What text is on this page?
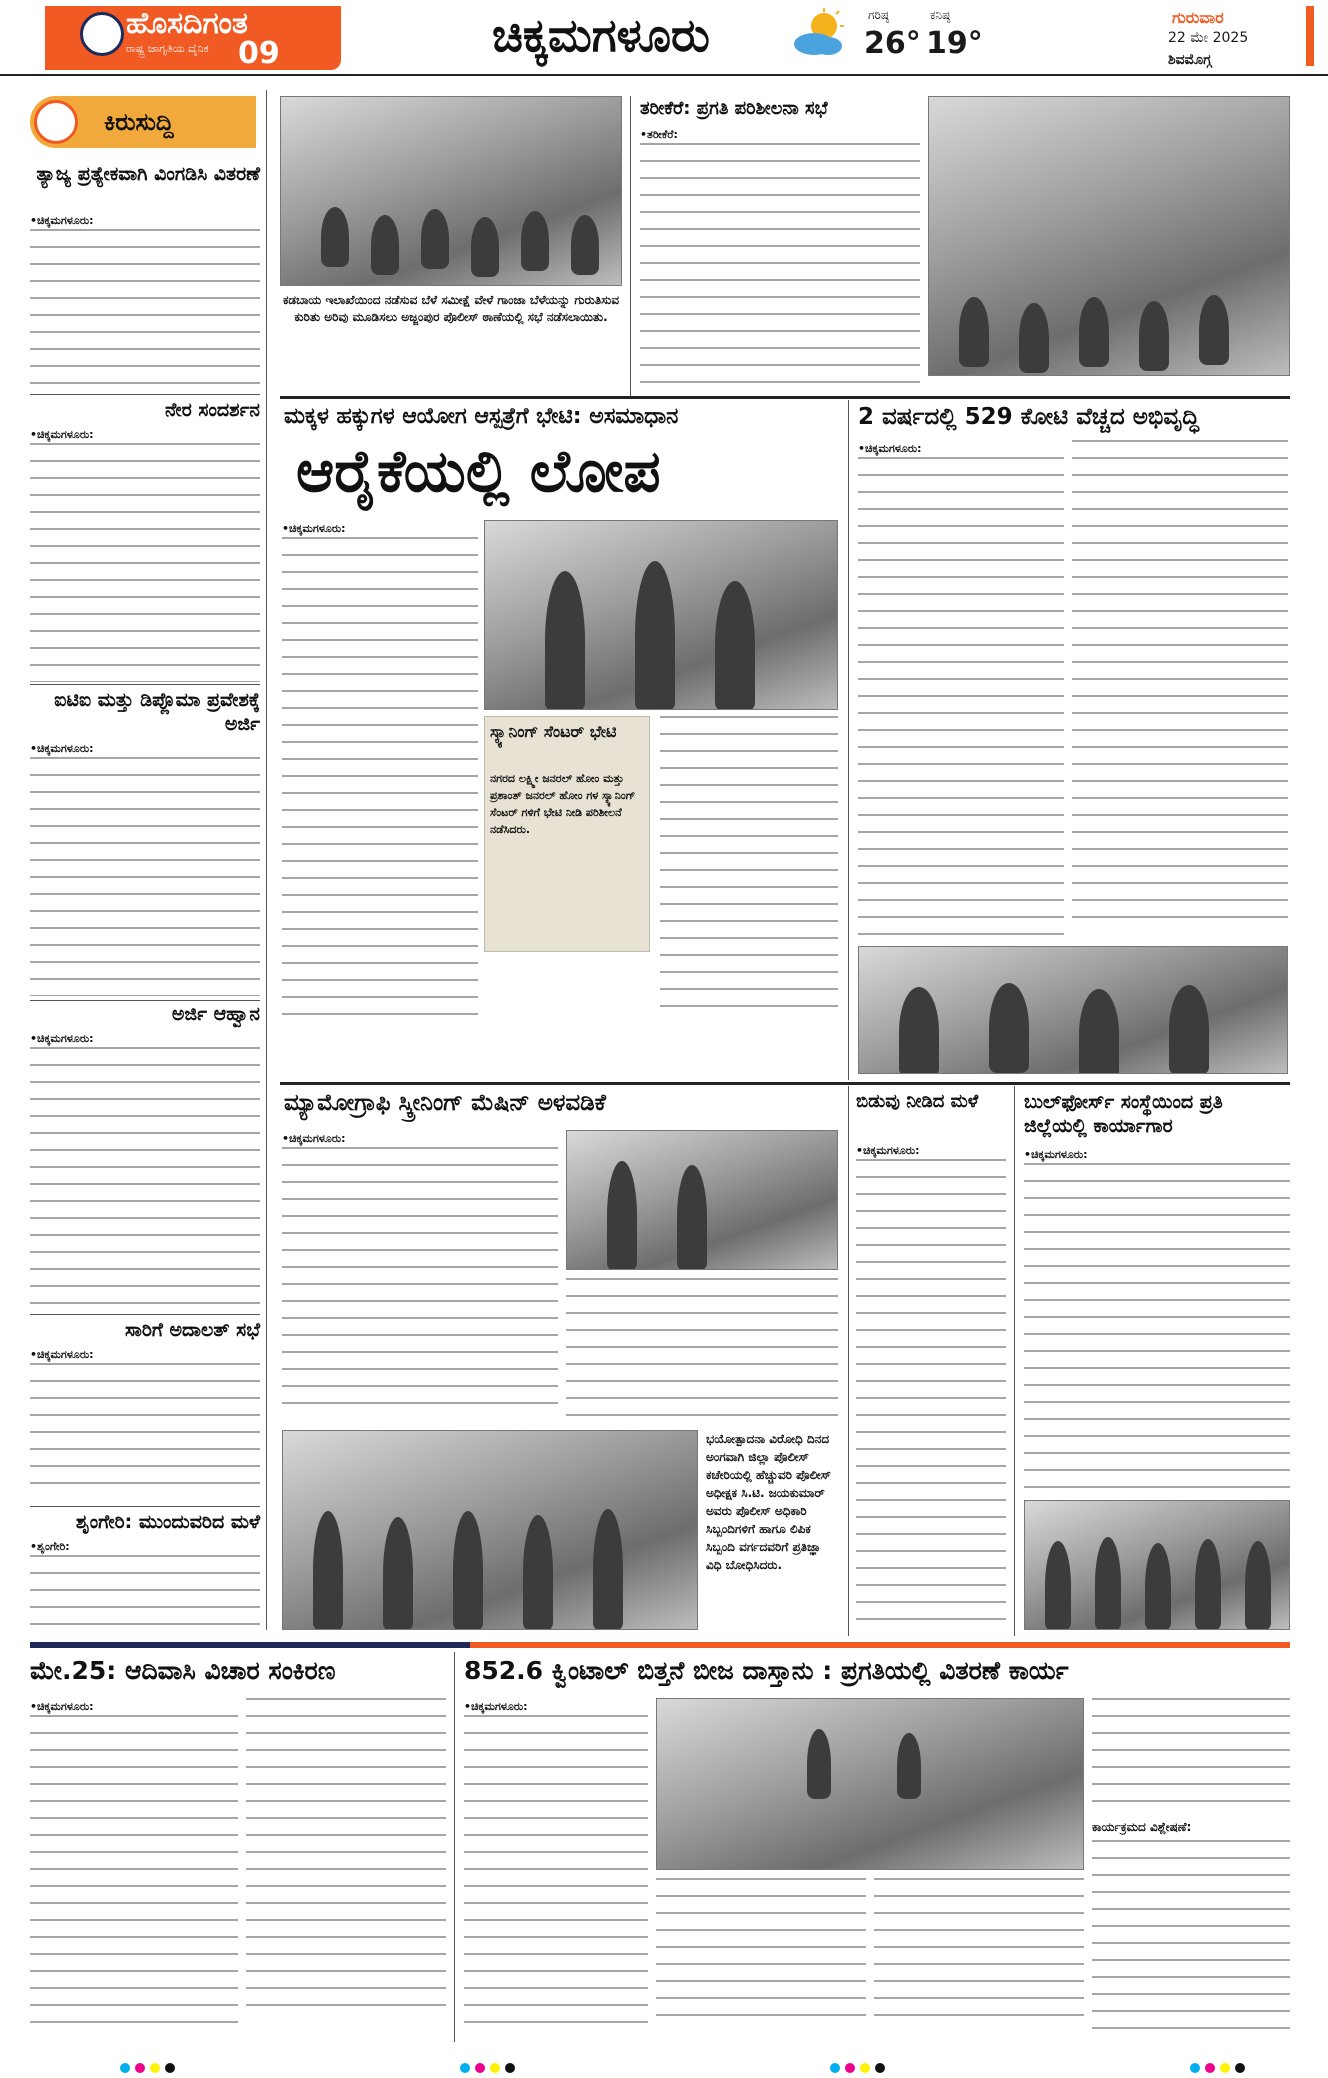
ಹೊಸದಿಗಂತ
ರಾಷ್ಟ್ರ ಜಾಗೃತಿಯ ದೈನಿಕ 09	ಚಿಕ್ಕಮಗಳೂರು	ಗರಿಷ್ಠ
26°
ಕನಿಷ್ಠ
19°
ಗುರುವಾರ
22 ಮೇ 2025
ಶಿವಮೊಗ್ಗ
ಕಿರುಸುದ್ದಿ
ತ್ಯಾಜ್ಯ ಪ್ರತ್ಯೇಕವಾಗಿ ವಿಂಗಡಿಸಿ ವಿತರಣೆ
•ಚಿಕ್ಕಮಗಳೂರು:
ನೇರ ಸಂದರ್ಶನ
•ಚಿಕ್ಕಮಗಳೂರು:
ಐಟಿಐ ಮತ್ತು ಡಿಪ್ಲೊಮಾ ಪ್ರವೇಶಕ್ಕೆ ಅರ್ಜಿ
•ಚಿಕ್ಕಮಗಳೂರು:
ಅರ್ಜಿ ಆಹ್ವಾನ
•ಚಿಕ್ಕಮಗಳೂರು:
ಸಾರಿಗೆ ಅದಾಲತ್ ಸಭೆ
•ಚಿಕ್ಕಮಗಳೂರು:
ಶೃಂಗೇರಿ: ಮುಂದುವರಿದ ಮಳೆ
•ಶೃಂಗೇರಿ:
ಕಡಬಾಯ ಇಲಾಖೆಯಿಂದ ನಡೆಸುವ ಬೆಳೆ ಸಮೀಕ್ಷೆ ವೇಳೆ ಗಾಂಜಾ ಬೆಳೆಯನ್ನು ಗುರುತಿಸುವ ಕುರಿತು ಅರಿವು ಮೂಡಿಸಲು ಅಜ್ಜಂಪುರ ಪೊಲೀಸ್ ಠಾಣೆಯಲ್ಲಿ ಸಭೆ ನಡೆಸಲಾಯಿತು.
ತರೀಕೆರೆ: ಪ್ರಗತಿ ಪರಿಶೀಲನಾ ಸಭೆ
•ತರೀಕೆರೆ:
ಮಕ್ಕಳ ಹಕ್ಕುಗಳ ಆಯೋಗ ಆಸ್ಪತ್ರೆಗೆ ಭೇಟಿ: ಅಸಮಾಧಾನ
ಆರೈಕೆಯಲ್ಲಿ ಲೋಪ
•ಚಿಕ್ಕಮಗಳೂರು:
ಸ್ಕ್ಯಾನಿಂಗ್ ಸೆಂಟರ್ ಭೇಟಿ
ನಗರದ ಲಕ್ಷ್ಮೀ ಜನರಲ್ ಹೋಂ ಮತ್ತು ಪ್ರಶಾಂತ್ ಜನರಲ್ ಹೋಂ ಗಳ ಸ್ಕ್ಯಾನಿಂಗ್ ಸೆಂಟರ್ ಗಳಿಗೆ ಭೇಟಿ ನೀಡಿ ಪರಿಶೀಲನೆ ನಡೆಸಿದರು.
2 ವರ್ಷದಲ್ಲಿ 529 ಕೋಟಿ ವೆಚ್ಚದ ಅಭಿವೃದ್ಧಿ
•ಚಿಕ್ಕಮಗಳೂರು:
ಮ್ಯಾಮೋಗ್ರಾಫಿ ಸ್ಕ್ರೀನಿಂಗ್ ಮೆಷಿನ್ ಅಳವಡಿಕೆ
•ಚಿಕ್ಕಮಗಳೂರು:
ಬಿಡುವು ನೀಡಿದ ಮಳೆ
•ಚಿಕ್ಕಮಗಳೂರು:
ಬುಲ್‌ಫೋರ್ಸ್ ಸಂಸ್ಥೆಯಿಂದ ಪ್ರತಿ ಜಿಲ್ಲೆಯಲ್ಲಿ ಕಾರ್ಯಾಗಾರ
•ಚಿಕ್ಕಮಗಳೂರು:
ಭಯೋತ್ಪಾದನಾ ವಿರೋಧಿ ದಿನದ ಅಂಗವಾಗಿ ಜಿಲ್ಲಾ ಪೊಲೀಸ್ ಕಚೇರಿಯಲ್ಲಿ ಹೆಚ್ಚುವರಿ ಪೊಲೀಸ್ ಅಧೀಕ್ಷಕ ಸಿ.ಟಿ. ಜಯಕುಮಾರ್ ಅವರು ಪೊಲೀಸ್ ಅಧಿಕಾರಿ ಸಿಬ್ಬಂದಿಗಳಿಗೆ ಹಾಗೂ ಲಿಪಿಕ ಸಿಬ್ಬಂದಿ ವರ್ಗದವರಿಗೆ ಪ್ರತಿಜ್ಞಾ ವಿಧಿ ಬೋಧಿಸಿದರು.
ಮೇ.25: ಆದಿವಾಸಿ ವಿಚಾರ ಸಂಕಿರಣ
•ಚಿಕ್ಕಮಗಳೂರು:
852.6 ಕ್ವಿಂಟಾಲ್ ಬಿತ್ತನೆ ಬೀಜ ದಾಸ್ತಾನು : ಪ್ರಗತಿಯಲ್ಲಿ ವಿತರಣೆ ಕಾರ್ಯ
•ಚಿಕ್ಕಮಗಳೂರು:
ಕಾರ್ಯಕ್ರಮದ ವಿಶ್ಲೇಷಣೆ:
